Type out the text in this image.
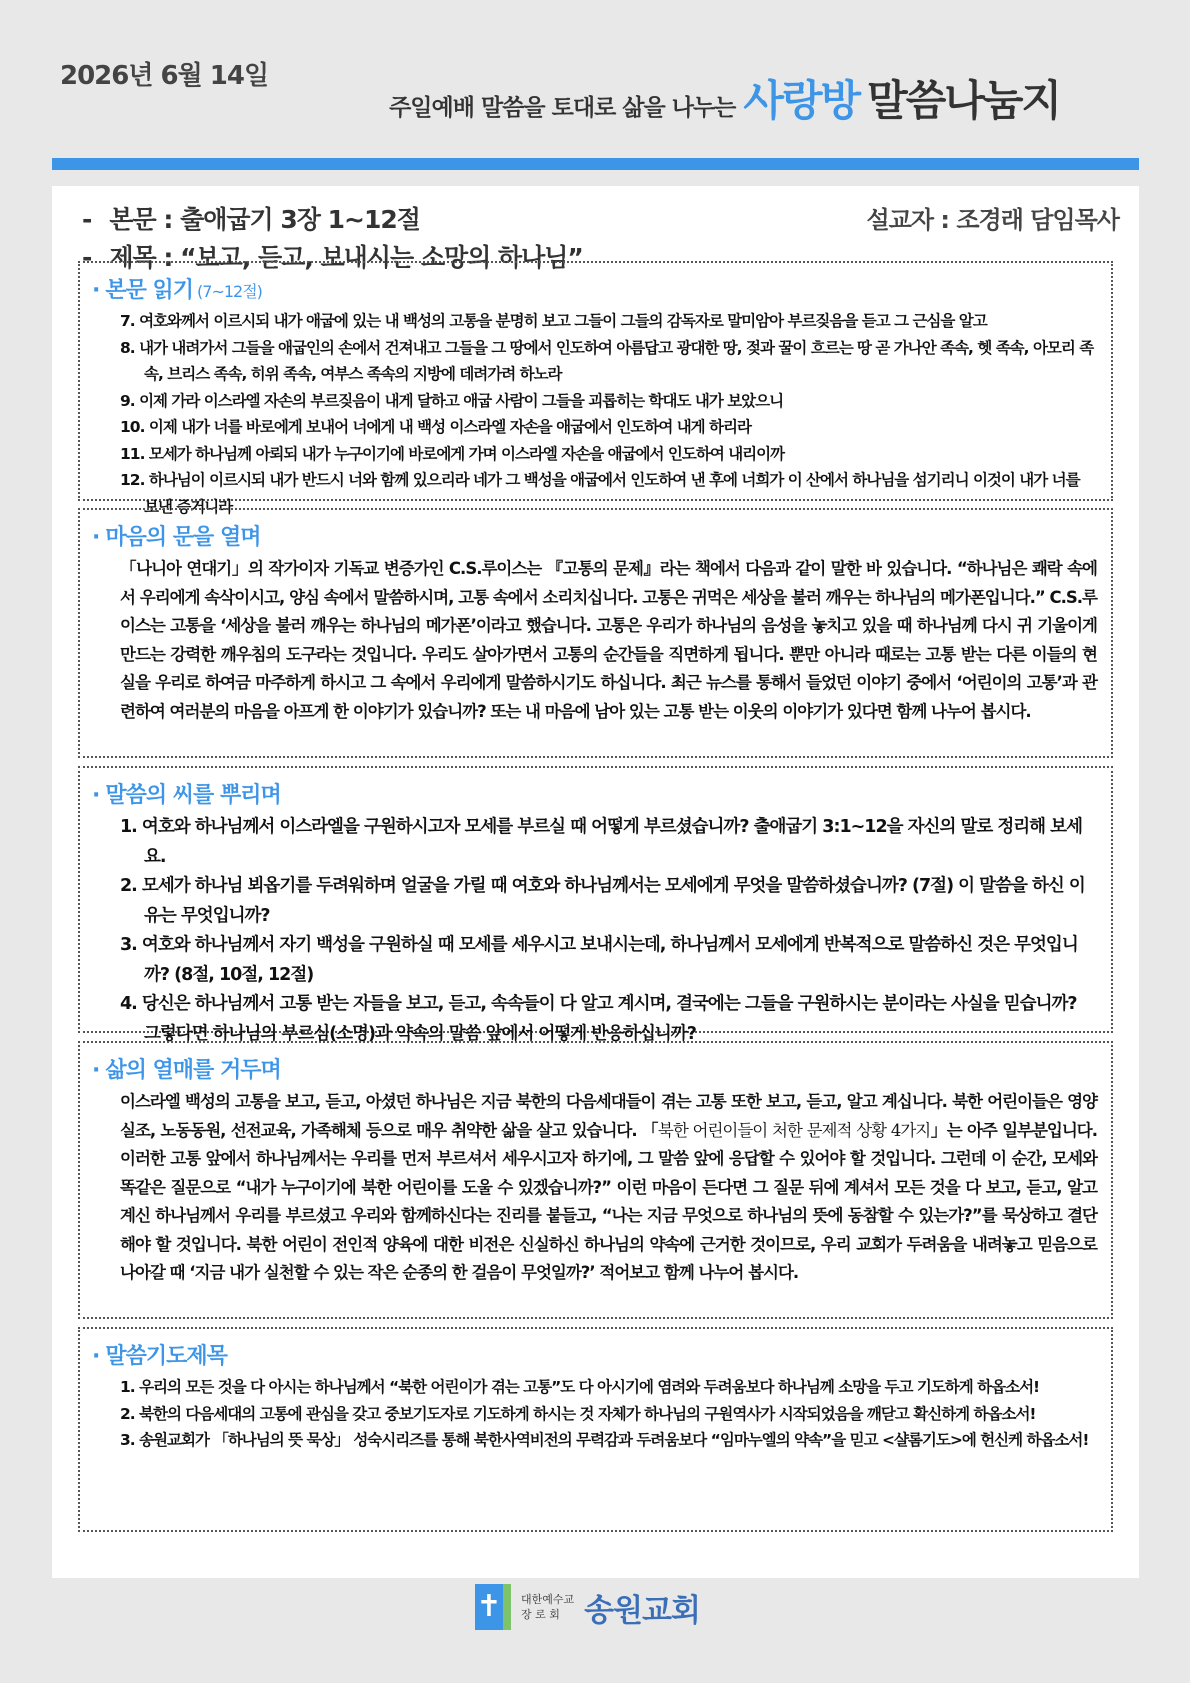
2026년 6월 14일
주일예배 말씀을 토대로 삶을 나누는 사랑방 말씀나눔지
- 본문 : 출애굽기 3장 1~12절
- 제목 : “보고, 듣고, 보내시는 소망의 하나님”
설교자 : 조경래 담임목사
· 본문 읽기 (7~12절)
7. 여호와께서 이르시되 내가 애굽에 있는 내 백성의 고통을 분명히 보고 그들이 그들의 감독자로 말미암아 부르짖음을 듣고 그 근심을 알고
8. 내가 내려가서 그들을 애굽인의 손에서 건져내고 그들을 그 땅에서 인도하여 아름답고 광대한 땅, 젖과 꿀이 흐르는 땅 곧 가나안 족속, 헷 족속, 아모리 족속, 브리스 족속, 히위 족속, 여부스 족속의 지방에 데려가려 하노라
9. 이제 가라 이스라엘 자손의 부르짖음이 내게 달하고 애굽 사람이 그들을 괴롭히는 학대도 내가 보았으니
10. 이제 내가 너를 바로에게 보내어 너에게 내 백성 이스라엘 자손을 애굽에서 인도하여 내게 하리라
11. 모세가 하나님께 아뢰되 내가 누구이기에 바로에게 가며 이스라엘 자손을 애굽에서 인도하여 내리이까
12. 하나님이 이르시되 내가 반드시 너와 함께 있으리라 네가 그 백성을 애굽에서 인도하여 낸 후에 너희가 이 산에서 하나님을 섬기리니 이것이 내가 너를 보낸 증거니라
· 마음의 문을 열며

「나니아 연대기」의 작가이자 기독교 변증가인 C.S.루이스는 『고통의 문제』라는 책에서 다음과 같이 말한 바 있습니다. “하나님은 쾌락 속에서 우리에게 속삭이시고, 양심 속에서 말씀하시며, 고통 속에서 소리치십니다. 고통은 귀먹은 세상을 불러 깨우는 하나님의 메가폰입니다.” C.S.루이스는 고통을 ‘세상을 불러 깨우는 하나님의 메가폰’이라고 했습니다. 고통은 우리가 하나님의 음성을 놓치고 있을 때 하나님께 다시 귀 기울이게 만드는 강력한 깨우침의 도구라는 것입니다. 우리도 살아가면서 고통의 순간들을 직면하게 됩니다. 뿐만 아니라 때로는 고통 받는 다른 이들의 현실을 우리로 하여금 마주하게 하시고 그 속에서 우리에게 말씀하시기도 하십니다. 최근 뉴스를 통해서 들었던 이야기 중에서 ‘어린이의 고통’과 관련하여 여러분의 마음을 아프게 한 이야기가 있습니까? 또는 내 마음에 남아 있는 고통 받는 이웃의 이야기가 있다면 함께 나누어 봅시다.

· 말씀의 씨를 뿌리며
1. 여호와 하나님께서 이스라엘을 구원하시고자 모세를 부르실 때 어떻게 부르셨습니까? 출애굽기 3:1~12을 자신의 말로 정리해 보세요.
2. 모세가 하나님 뵈옵기를 두려워하며 얼굴을 가릴 때 여호와 하나님께서는 모세에게 무엇을 말씀하셨습니까? (7절) 이 말씀을 하신 이유는 무엇입니까?
3. 여호와 하나님께서 자기 백성을 구원하실 때 모세를 세우시고 보내시는데, 하나님께서 모세에게 반복적으로 말씀하신 것은 무엇입니까? (8절, 10절, 12절)
4. 당신은 하나님께서 고통 받는 자들을 보고, 듣고, 속속들이 다 알고 계시며, 결국에는 그들을 구원하시는 분이라는 사실을 믿습니까? 그렇다면 하나님의 부르심(소명)과 약속의 말씀 앞에서 어떻게 반응하십니까?
· 삶의 열매를 거두며

이스라엘 백성의 고통을 보고, 듣고, 아셨던 하나님은 지금 북한의 다음세대들이 겪는 고통 또한 보고, 듣고, 알고 계십니다. 북한 어린이들은 영양실조, 노동동원, 선전교육, 가족해체 등으로 매우 취약한 삶을 살고 있습니다. 「북한 어린이들이 처한 문제적 상황 4가지」는 아주 일부분입니다. 이러한 고통 앞에서 하나님께서는 우리를 먼저 부르셔서 세우시고자 하기에, 그 말씀 앞에 응답할 수 있어야 할 것입니다. 그런데 이 순간, 모세와 똑같은 질문으로 “내가 누구이기에 북한 어린이를 도울 수 있겠습니까?” 이런 마음이 든다면 그 질문 뒤에 계셔서 모든 것을 다 보고, 듣고, 알고 계신 하나님께서 우리를 부르셨고 우리와 함께하신다는 진리를 붙들고, “나는 지금 무엇으로 하나님의 뜻에 동참할 수 있는가?”를 묵상하고 결단해야 할 것입니다. 북한 어린이 전인적 양육에 대한 비전은 신실하신 하나님의 약속에 근거한 것이므로, 우리 교회가 두려움을 내려놓고 믿음으로 나아갈 때 ‘지금 내가 실천할 수 있는 작은 순종의 한 걸음이 무엇일까?’ 적어보고 함께 나누어 봅시다.

· 말씀기도제목
1. 우리의 모든 것을 다 아시는 하나님께서 “북한 어린이가 겪는 고통”도 다 아시기에 염려와 두려움보다 하나님께 소망을 두고 기도하게 하옵소서!
2. 북한의 다음세대의 고통에 관심을 갖고 중보기도자로 기도하게 하시는 것 자체가 하나님의 구원역사가 시작되었음을 깨닫고 확신하게 하옵소서!
3. 송원교회가 「하나님의 뜻 묵상」 성숙시리즈를 통해 북한사역비전의 무력감과 두려움보다 “임마누엘의 약속”을 믿고 <샬롬기도>에 헌신케 하옵소서!
✝ 대한예수교
장 로 회 송원교회
